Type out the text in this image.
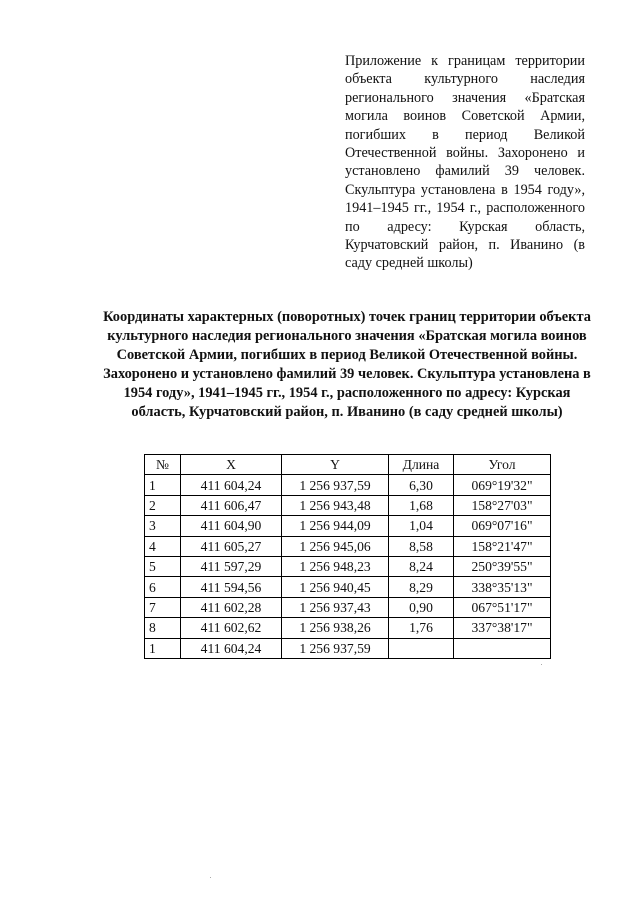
Приложение к границам территории объекта культурного наследия регионального значения «Братская могила воинов Советской Армии, погибших в период Великой Отечественной войны. Захоронено и установлено фамилий 39 человек. Скульптура установлена в 1954 году», 1941–1945 гг., 1954 г., расположенного по адресу: Курская область, Курчатовский район, п. Иванино (в саду средней школы)
Координаты характерных (поворотных) точек границ территории объекта культурного наследия регионального значения «Братская могила воинов Советской Армии, погибших в период Великой Отечественной войны. Захоронено и установлено фамилий 39 человек. Скульптура установлена в 1954 году», 1941–1945 гг., 1954 г., расположенного по адресу: Курская область, Курчатовский район, п. Иванино (в саду средней школы)
№	X	Y	Длина	Угол
1	411 604,24	1 256 937,59	6,30	069°19'32"
2	411 606,47	1 256 943,48	1,68	158°27'03"
3	411 604,90	1 256 944,09	1,04	069°07'16"
4	411 605,27	1 256 945,06	8,58	158°21'47"
5	411 597,29	1 256 948,23	8,24	250°39'55"
6	411 594,56	1 256 940,45	8,29	338°35'13"
7	411 602,28	1 256 937,43	0,90	067°51'17"
8	411 602,62	1 256 938,26	1,76	337°38'17"
1	411 604,24	1 256 937,59		
